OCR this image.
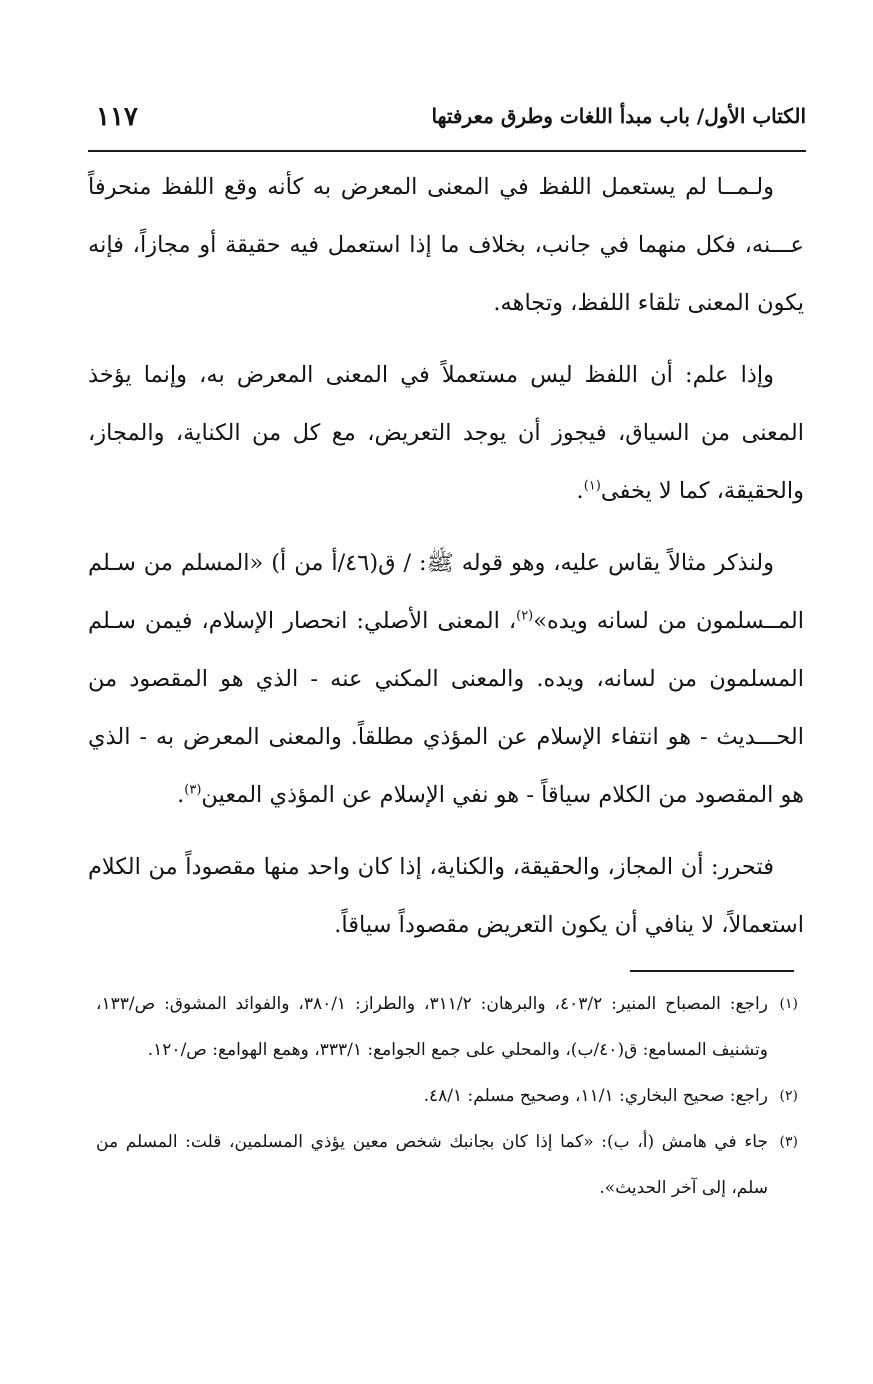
الكتاب الأول/ باب مبدأ اللغات وطرق معرفتها
١١٧

ولـمــا لم يستعمل اللفظ في المعنى المعرض به كأنه وقع اللفظ منحرفاً عـــنه، فكل منهما في جانب، بخلاف ما إذا استعمل فيه حقيقة أو مجازاً، فإنه يكون المعنى تلقاء اللفظ، وتجاهه.

وإذا علم: أن اللفظ ليس مستعملاً في المعنى المعرض به، وإنما يؤخذ المعنى من السياق، فيجوز أن يوجد التعريض، مع كل من الكناية، والمجاز، والحقيقة، كما لا يخفى$^{(١)}$.

ولنذكر مثالاً يقاس عليه، وهو قوله ﷺ: / ق(٤٦/أ من أ) «المسلم من سـلم المــسلمون من لسانه ويده»$^{(٢)}$، المعنى الأصلي: انحصار الإسلام، فيمن سـلم المسلمون من لسانه، ويده. والمعنى المكني عنه - الذي هو المقصود من الحـــديث - هو انتفاء الإسلام عن المؤذي مطلقاً. والمعنى المعرض به - الذي هو المقصود من الكلام سياقاً - هو نفي الإسلام عن المؤذي المعين$^{(٣)}$.

فتحرر: أن المجاز، والحقيقة، والكناية، إذا كان واحد منها مقصوداً من الكلام استعمالاً، لا ينافي أن يكون التعريض مقصوداً سياقاً.

(١)
راجع: المصباح المنير: ٤٠٣/٢، والبرهان: ٣١١/٢، والطراز: ٣٨٠/١، والفوائد المشوق: ص/١٣٣، وتشنيف المسامع: ق(٤٠/ب)، والمحلي على جمع الجوامع: ٣٣٣/١، وهمع الهوامع: ص/١٢٠.

(٢)
راجع: صحيح البخاري: ١١/١، وصحيح مسلم: ٤٨/١.

(٣)
جاء في هامش (أ، ب): «كما إذا كان بجانبك شخص معين يؤذي المسلمين، قلت: المسلم من سلم، إلى آخر الحديث».
